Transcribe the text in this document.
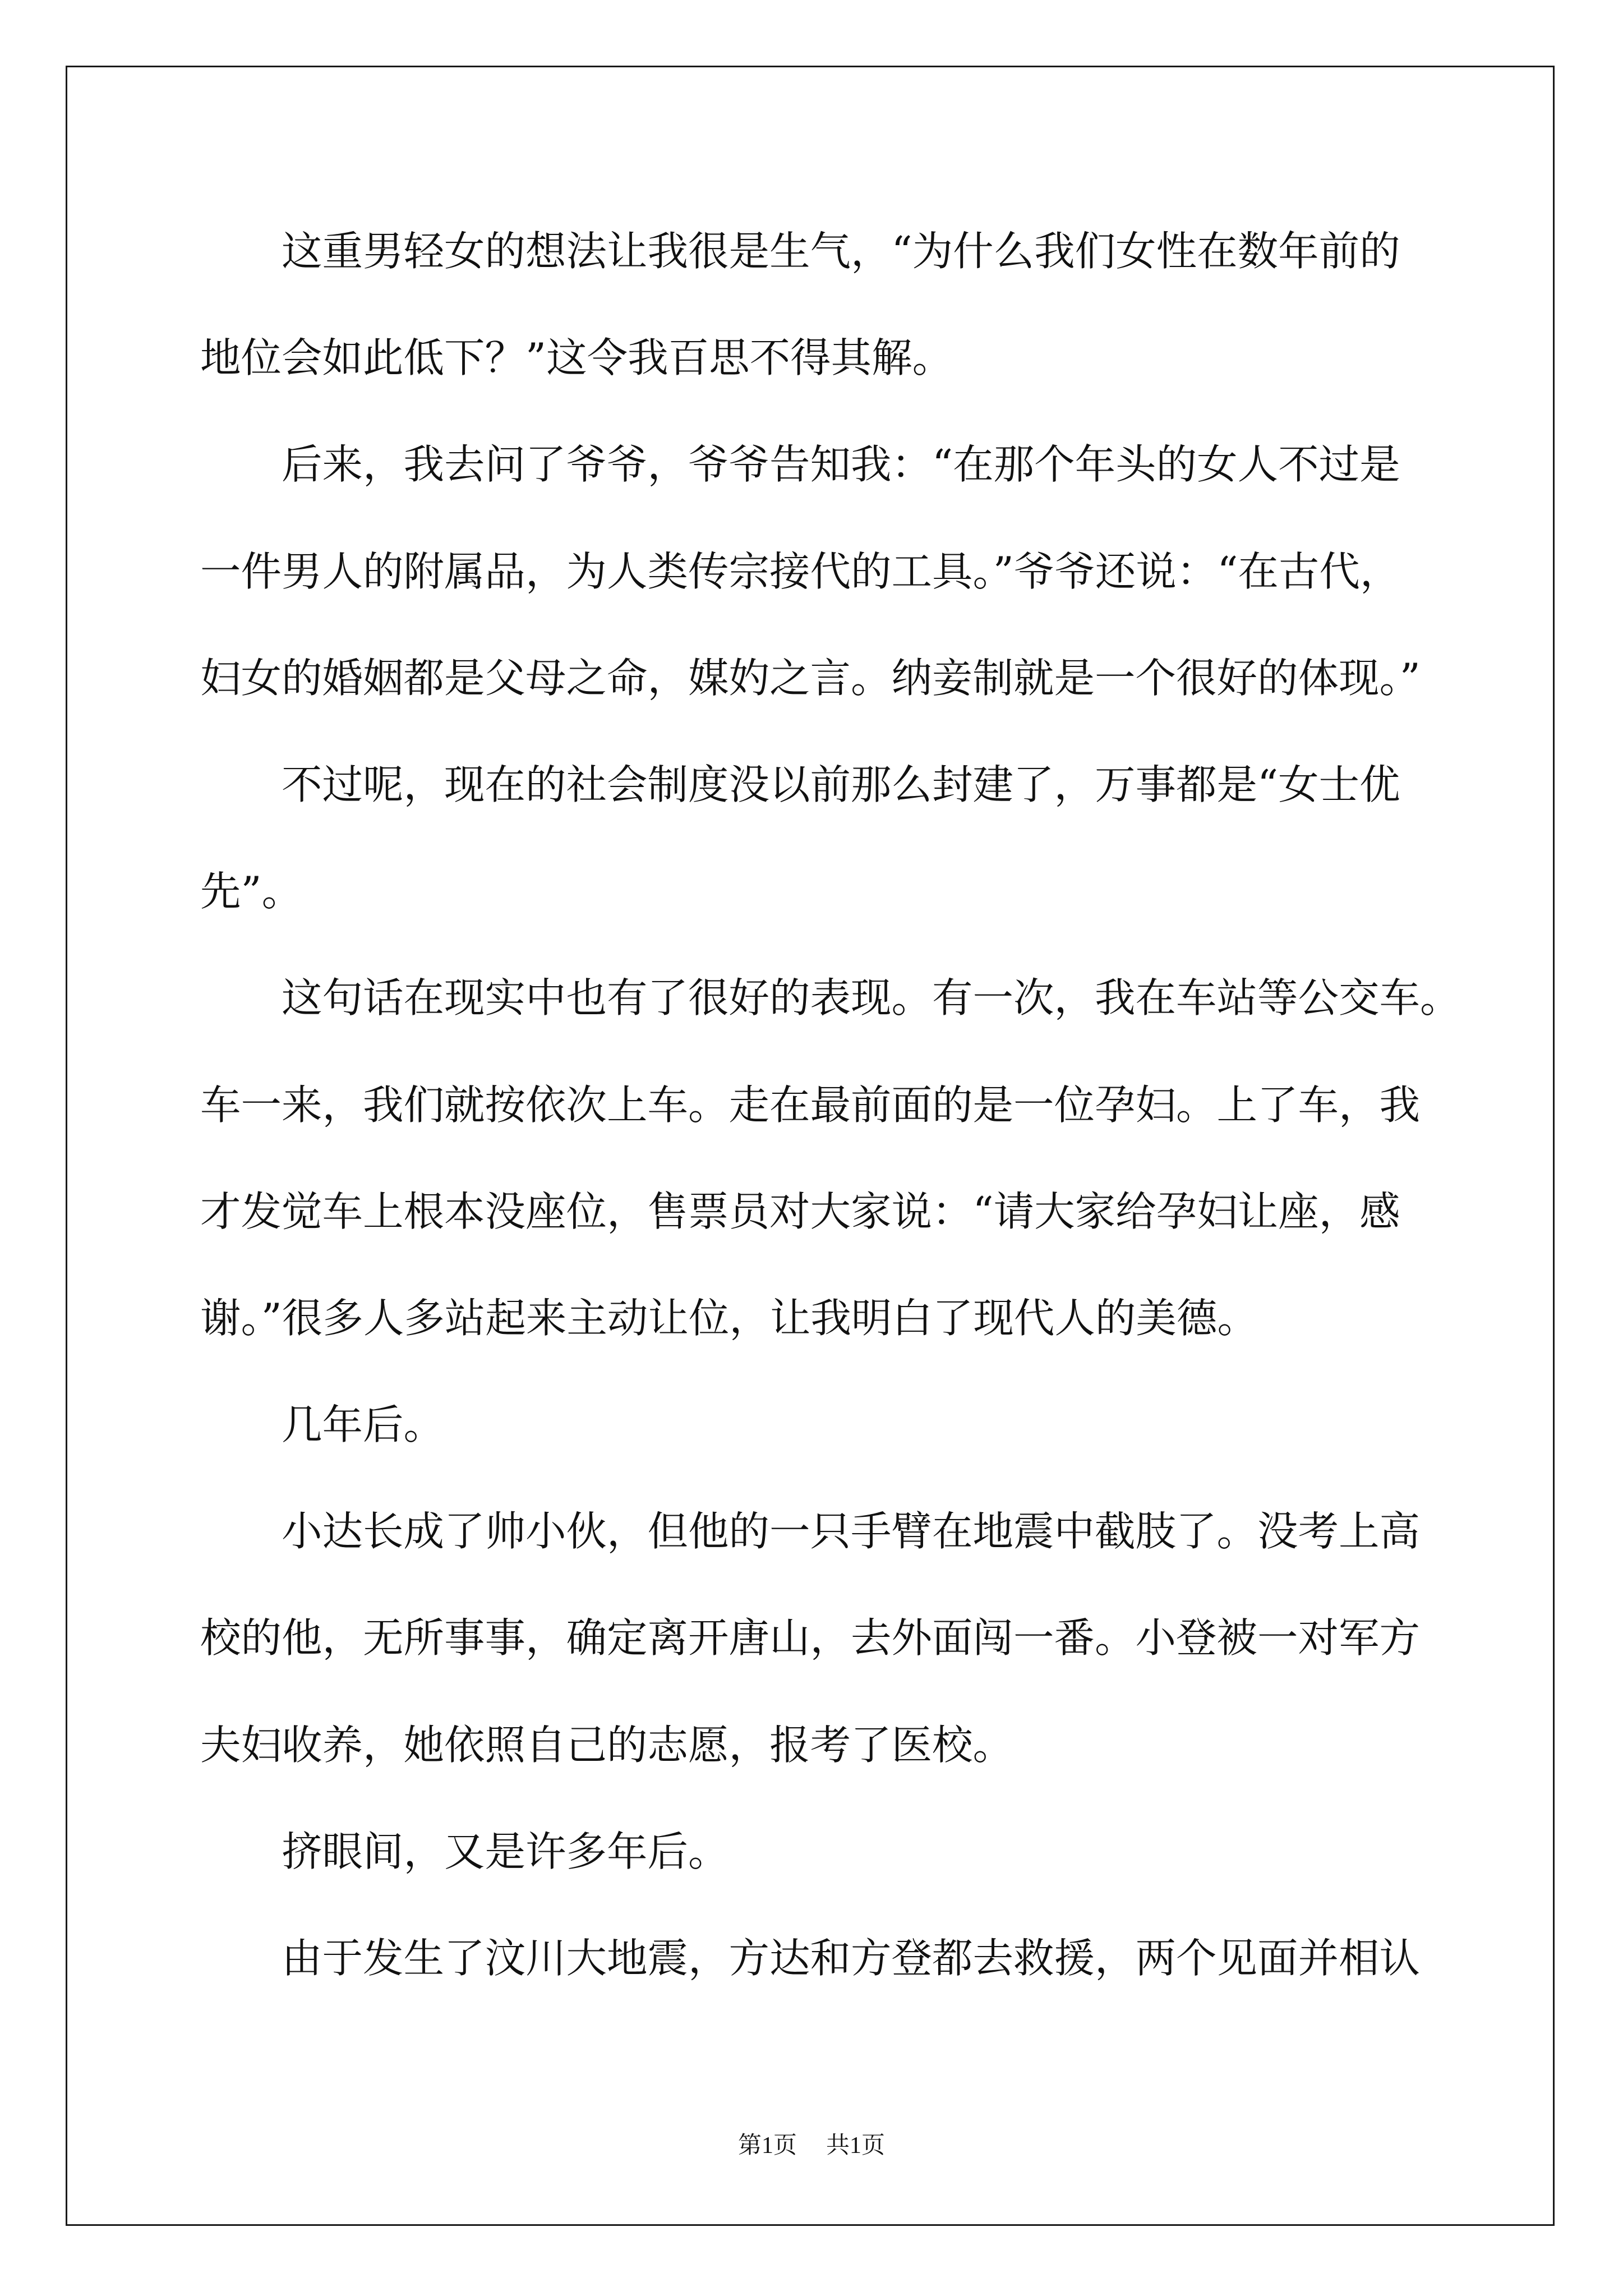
这重男轻女的想法让我很是生气，“为什么我们女性在数年前的
地位会如此低下？”这令我百思不得其解。
后来，我去问了爷爷，爷爷告知我：“在那个年头的女人不过是
一件男人的附属品，为人类传宗接代的工具。”爷爷还说：“在古代，
妇女的婚姻都是父母之命，媒妁之言。纳妾制就是一个很好的体现。”
不过呢，现在的社会制度没以前那么封建了，万事都是“女士优
先”。
这句话在现实中也有了很好的表现。有一次，我在车站等公交车。
车一来，我们就按依次上车。走在最前面的是一位孕妇。上了车，我
才发觉车上根本没座位，售票员对大家说：“请大家给孕妇让座，感
谢。”很多人多站起来主动让位，让我明白了现代人的美德。
几年后。
小达长成了帅小伙，但他的一只手臂在地震中截肢了。没考上高
校的他，无所事事，确定离开唐山，去外面闯一番。小登被一对军方
夫妇收养，她依照自己的志愿，报考了医校。
挤眼间，又是许多年后。
由于发生了汶川大地震，方达和方登都去救援，两个见面并相认
第1页 共1页
